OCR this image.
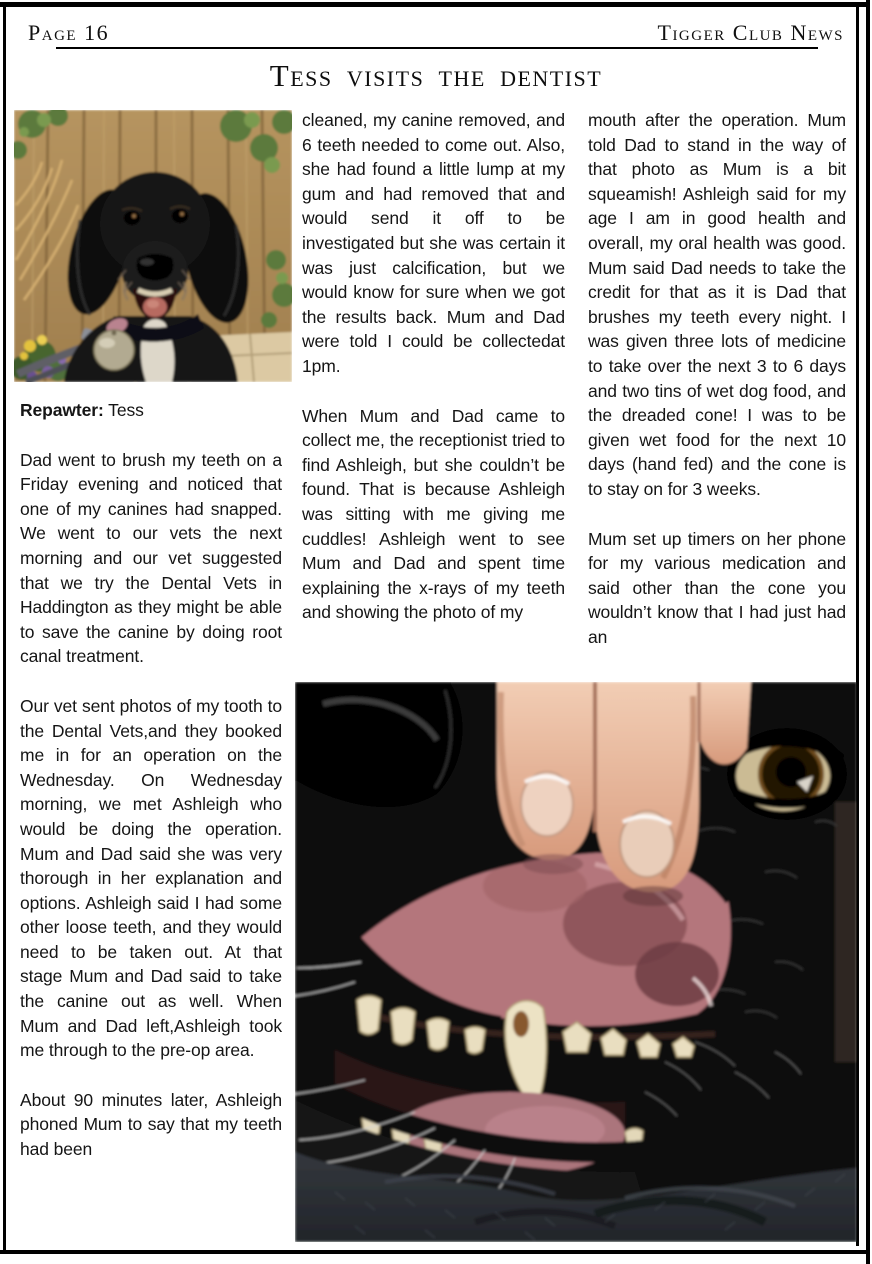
Page 16	Tigger Club News
Tess visits the dentist

Repawter: Tess

Dad went to brush my teeth on a Friday evening and noticed that one of my canines had snapped. We went to our vets the next morning and our vet suggested that we try the Dental Vets in Haddington as they might be able to save the canine by doing root canal treatment.

Our vet sent photos of my tooth to the Dental Vets,and they booked me in for an operation on the Wednesday. On Wednesday morning, we met Ashleigh who would be doing the operation. Mum and Dad said she was very thorough in her explanation and options. Ashleigh said I had some other loose teeth, and they would need to be taken out. At that stage Mum and Dad said to take the canine out as well. When Mum and Dad left,Ashleigh took me through to the pre-op area.

About 90 minutes later, Ashleigh phoned Mum to say that my teeth had been

cleaned, my canine removed, and 6 teeth needed to come out. Also, she had found a little lump at my gum and had removed that and would send it off to be investigated but she was certain it was just calcification, but we would know for sure when we got the results back. Mum and Dad were told I could be collectedat 1pm.

When Mum and Dad came to collect me, the receptionist tried to find Ashleigh, but she couldn’t be found. That is because Ashleigh was sitting with me giving me cuddles! Ashleigh went to see Mum and Dad and spent time explaining the x-rays of my teeth and showing the photo of my

mouth after the operation. Mum told Dad to stand in the way of that photo as Mum is a bit squeamish! Ashleigh said for my age I am in good health and overall, my oral health was good. Mum said Dad needs to take the credit for that as it is Dad that brushes my teeth every night. I was given three lots of medicine to take over the next 3 to 6 days and two tins of wet dog food, and the dreaded cone! I was to be given wet food for the next 10 days (hand fed) and the cone is to stay on for 3 weeks.

Mum set up timers on her phone for my various medication and said other than the cone you wouldn’t know that I had just had an
